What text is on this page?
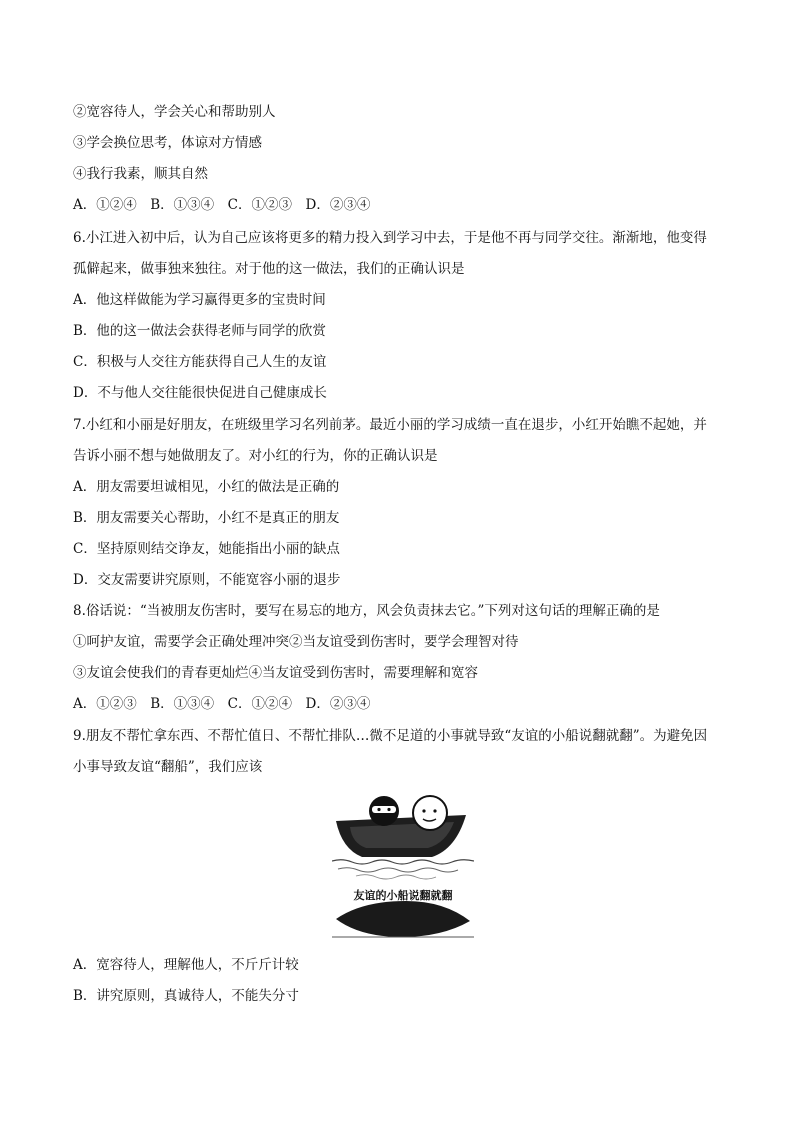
②宽容待人，学会关心和帮助别人
③学会换位思考，体谅对方情感
④我行我素，顺其自然
A．①②④　B．①③④　C．①②③　D．②③④
6.小江进入初中后，认为自己应该将更多的精力投入到学习中去，于是他不再与同学交往。渐渐地，他变得
孤僻起来，做事独来独往。对于他的这一做法，我们的正确认识是
A．他这样做能为学习赢得更多的宝贵时间
B．他的这一做法会获得老师与同学的欣赏
C．积极与人交往方能获得自己人生的友谊
D．不与他人交往能很快促进自己健康成长
7.小红和小丽是好朋友，在班级里学习名列前茅。最近小丽的学习成绩一直在退步，小红开始瞧不起她，并
告诉小丽不想与她做朋友了。对小红的行为，你的正确认识是
A．朋友需要坦诚相见，小红的做法是正确的
B．朋友需要关心帮助，小红不是真正的朋友
C．坚持原则结交诤友，她能指出小丽的缺点
D．交友需要讲究原则，不能宽容小丽的退步
8.俗话说：“当被朋友伤害时，要写在易忘的地方，风会负责抹去它。”下列对这句话的理解正确的是
①呵护友谊，需要学会正确处理冲突②当友谊受到伤害时，要学会理智对待
③友谊会使我们的青春更灿烂④当友谊受到伤害时，需要理解和宽容
A．①②③　B．①③④　C．①②④　D．②③④
9.朋友不帮忙拿东西、不帮忙值日、不帮忙排队…微不足道的小事就导致“友谊的小船说翻就翻”。为避免因
小事导致友谊“翻船”，我们应该
友谊的小船说翻就翻
A．宽容待人，理解他人，不斤斤计较
B．讲究原则，真诚待人，不能失分寸
